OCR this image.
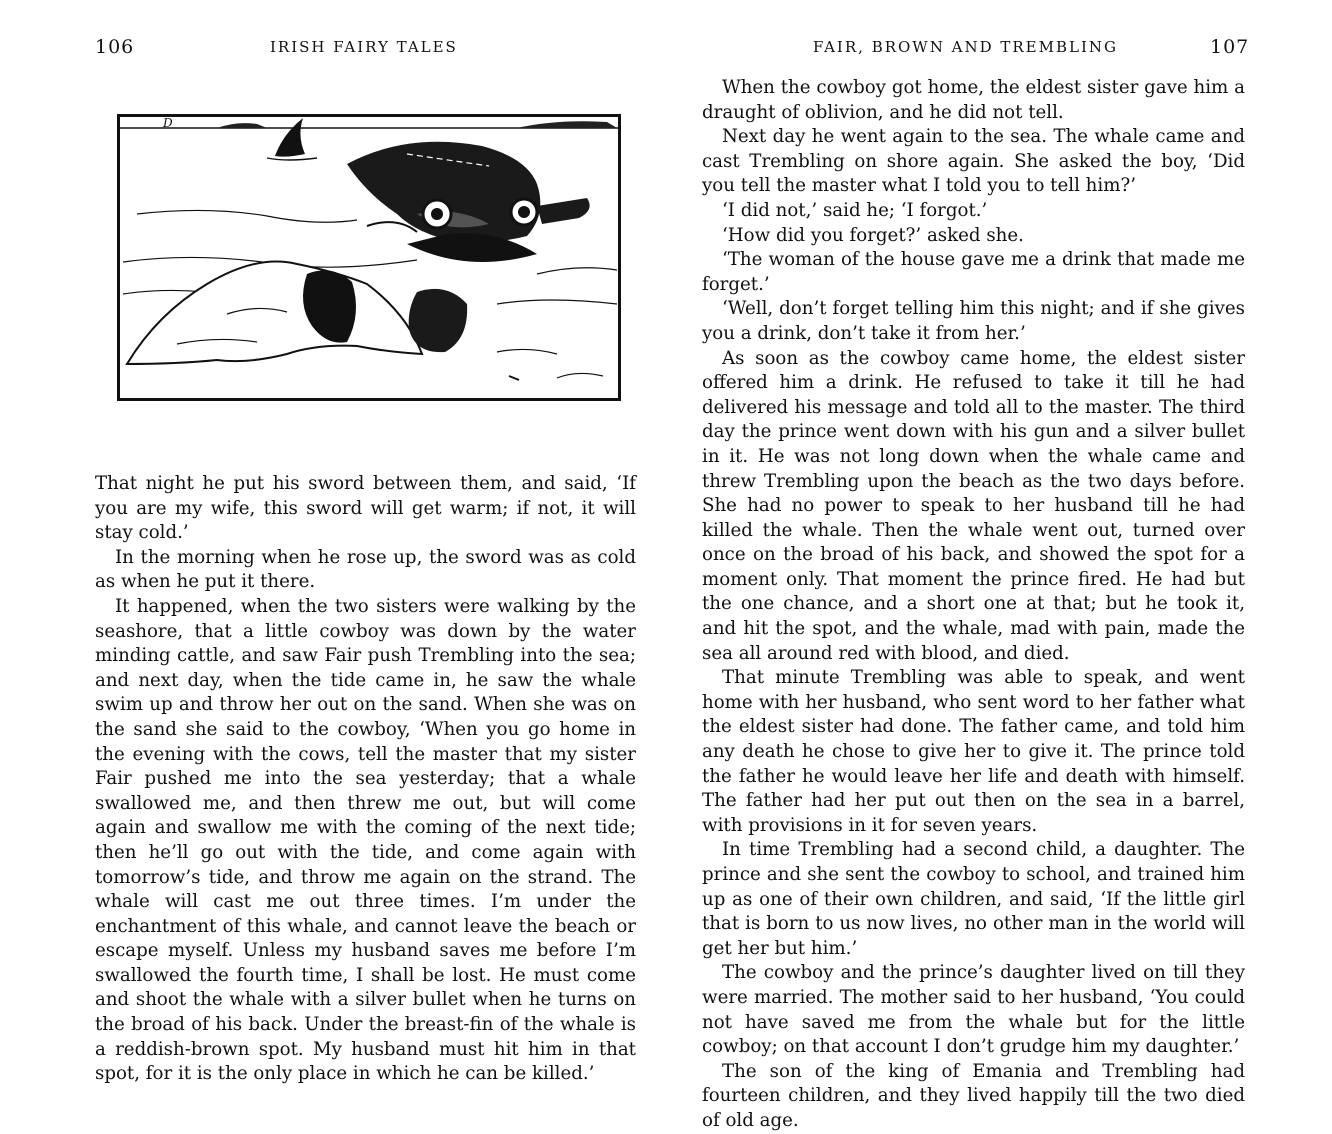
106	IRISH FAIRY TALES
D

That night he put his sword between them, and said, ‘If you are my wife, this sword will get warm; if not, it will stay cold.’

In the morning when he rose up, the sword was as cold as when he put it there.

It happened, when the two sisters were walking by the seashore, that a little cowboy was down by the water minding cattle, and saw Fair push Trembling into the sea; and next day, when the tide came in, he saw the whale swim up and throw her out on the sand. When she was on the sand she said to the cowboy, ‘When you go home in the evening with the cows, tell the master that my sister Fair pushed me into the sea yesterday; that a whale swallowed me, and then threw me out, but will come again and swallow me with the coming of the next tide; then he’ll go out with the tide, and come again with tomorrow’s tide, and throw me again on the strand. The whale will cast me out three times. I’m under the enchantment of this whale, and cannot leave the beach or escape myself. Unless my husband saves me before I’m swallowed the fourth time, I shall be lost. He must come and shoot the whale with a silver bullet when he turns on the broad of his back. Under the breast-fin of the whale is a reddish-brown spot. My husband must hit him in that spot, for it is the only place in which he can be killed.’

FAIR, BROWN AND TREMBLING	107

When the cowboy got home, the eldest sister gave him a draught of oblivion, and he did not tell.

Next day he went again to the sea. The whale came and cast Trembling on shore again. She asked the boy, ‘Did you tell the master what I told you to tell him?’

‘I did not,’ said he; ‘I forgot.’

‘How did you forget?’ asked she.

‘The woman of the house gave me a drink that made me forget.’

‘Well, don’t forget telling him this night; and if she gives you a drink, don’t take it from her.’

As soon as the cowboy came home, the eldest sister offered him a drink. He refused to take it till he had delivered his message and told all to the master. The third day the prince went down with his gun and a silver bullet in it. He was not long down when the whale came and threw Trembling upon the beach as the two days before. She had no power to speak to her husband till he had killed the whale. Then the whale went out, turned over once on the broad of his back, and showed the spot for a moment only. That moment the prince fired. He had but the one chance, and a short one at that; but he took it, and hit the spot, and the whale, mad with pain, made the sea all around red with blood, and died.

That minute Trembling was able to speak, and went home with her husband, who sent word to her father what the eldest sister had done. The father came, and told him any death he chose to give her to give it. The prince told the father he would leave her life and death with himself. The father had her put out then on the sea in a barrel, with provisions in it for seven years.

In time Trembling had a second child, a daughter. The prince and she sent the cowboy to school, and trained him up as one of their own children, and said, ‘If the little girl that is born to us now lives, no other man in the world will get her but him.’

The cowboy and the prince’s daughter lived on till they were married. The mother said to her husband, ‘You could not have saved me from the whale but for the little cowboy; on that account I don’t grudge him my daughter.’

The son of the king of Emania and Trembling had fourteen children, and they lived happily till the two died of old age.
